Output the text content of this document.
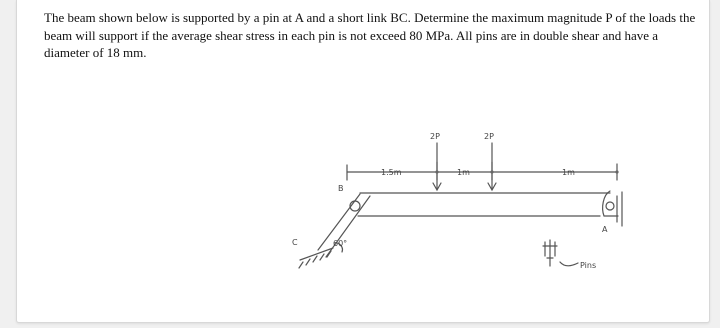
The beam shown below is supported by a pin at A and a short link BC. Determine the maximum magnitude P of the loads the beam will support if the average shear stress in each pin is not exceed 80 MPa. All pins are in double shear and have a diameter of 18 mm.

2P	2P
1.5m	1m	1m
B
C
A
60°
Pins
